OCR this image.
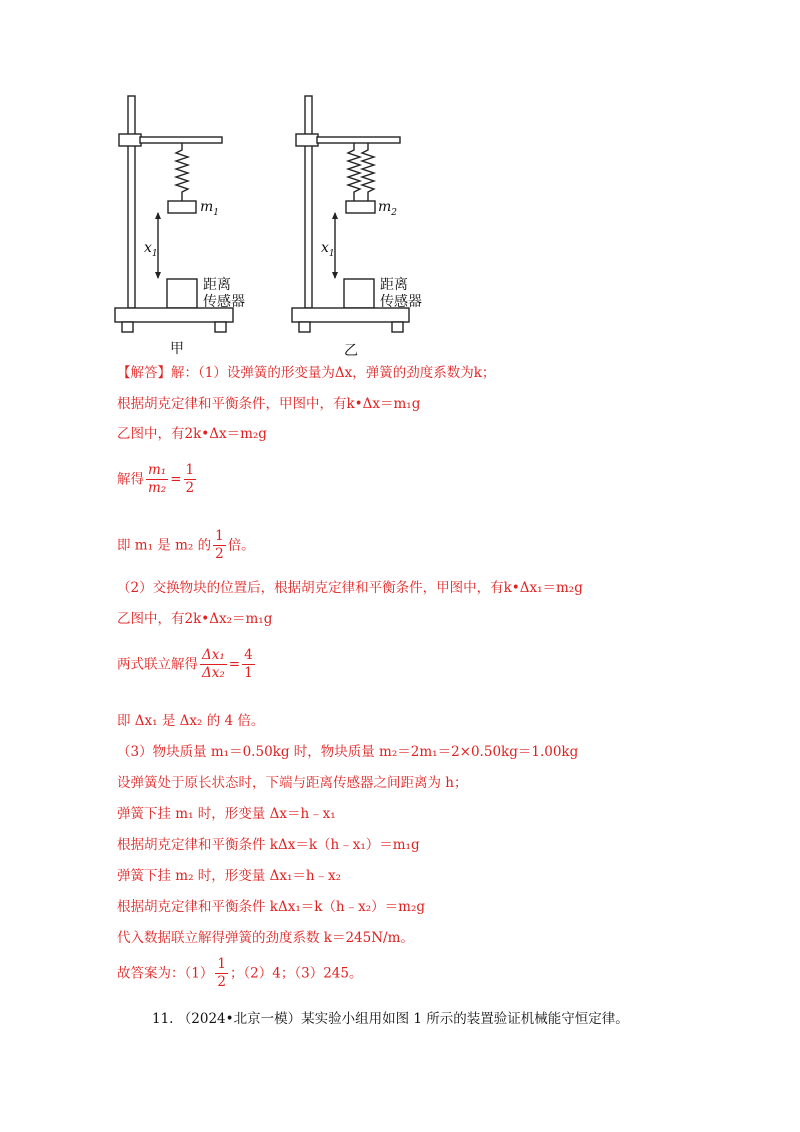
$m_1$
$x_1$
距离
传感器
甲
$m_2$
$x_1$
距离
传感器
乙
【解答】解：（1）设弹簧的形变量为Δx，弹簧的劲度系数为k；
根据胡克定律和平衡条件，甲图中，有k•Δx＝m₁g
乙图中，有2k•Δx＝m₂g
解得 $\frac{\text{m₁}}{\text{m₂}} = \frac{1}{2}$
即 m₁ 是 m₂ 的 $\frac{1}{2}$ 倍。
（2）交换物块的位置后，根据胡克定律和平衡条件，甲图中，有k•Δx₁＝m₂g
乙图中，有2k•Δx₂＝m₁g
两式联立解得 $\frac{\text{Δx₁}}{\text{Δx₂}} = \frac{4}{1}$
即 Δx₁ 是 Δx₂ 的 4 倍。
（3）物块质量 m₁＝0.50kg 时，物块质量 m₂＝2m₁＝2×0.50kg＝1.00kg
设弹簧处于原长状态时，下端与距离传感器之间距离为 h；
弹簧下挂 m₁ 时，形变量 Δx＝h﹣x₁
根据胡克定律和平衡条件 kΔx＝k（h﹣x₁）＝m₁g
弹簧下挂 m₂ 时，形变量 Δx₁＝h﹣x₂
根据胡克定律和平衡条件 kΔx₁＝k（h﹣x₂）＝m₂g
代入数据联立解得弹簧的劲度系数 k＝245N/m。
故答案为：$(1) \frac{1}{2}$ ；（2）4；（3）245。
11. （2024•北京一模）某实验小组用如图 1 所示的装置验证机械能守恒定律。
